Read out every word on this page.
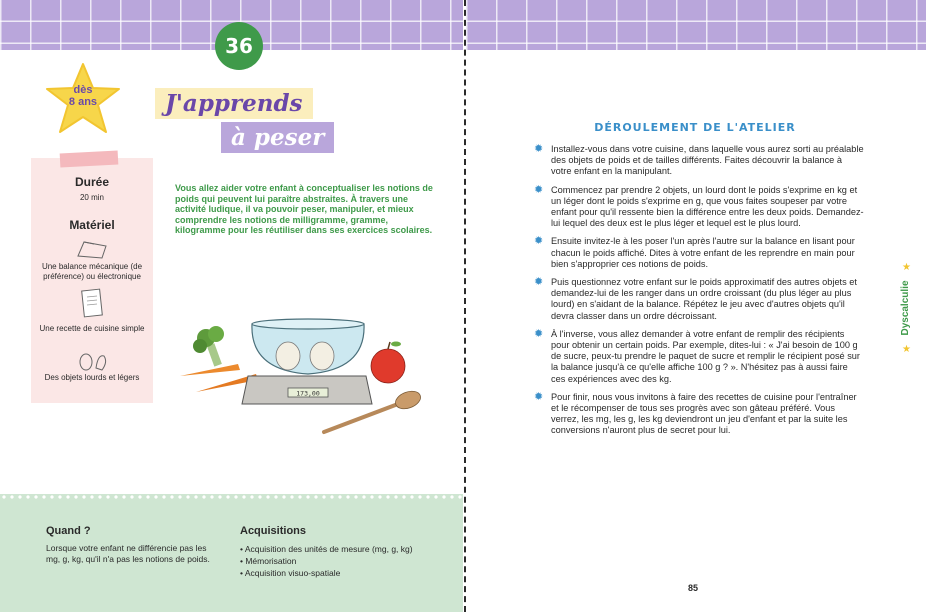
36
dès
8 ans	J'apprends
à peser
Durée
20 min
Matériel
Une balance mécanique (de préférence) ou électronique
Une recette de cuisine simple
Des objets lourds et légers
Vous allez aider votre enfant à conceptualiser les notions de poids qui peuvent lui paraître abstraites. À travers une activité ludique, il va pouvoir peser, manipuler, et mieux comprendre les notions de milligramme, gramme, kilogramme pour les réutiliser dans ses exercices scolaires.
173,00
Quand ?
Lorsque votre enfant ne différencie pas les mg, g, kg, qu'il n'a pas les notions de poids.
Acquisitions
• Acquisition des unités de mesure (mg, g, kg)
• Mémorisation
• Acquisition visuo-spatiale
DÉROULEMENT DE L'ATELIER
✹ Installez-vous dans votre cuisine, dans laquelle vous aurez sorti au préalable des objets de poids et de tailles différents. Faites découvrir la balance à votre enfant en la manipulant.
✹ Commencez par prendre 2 objets, un lourd dont le poids s'exprime en kg et un léger dont le poids s'exprime en g, que vous faites soupeser par votre enfant pour qu'il ressente bien la différence entre les deux poids. Demandez-lui lequel des deux est le plus léger et lequel est le plus lourd.
✹ Ensuite invitez-le à les poser l'un après l'autre sur la balance en lisant pour chacun le poids affiché. Dites à votre enfant de les reprendre en main pour bien s'approprier ces notions de poids.
✹ Puis questionnez votre enfant sur le poids approximatif des autres objets et demandez-lui de les ranger dans un ordre croissant (du plus léger au plus lourd) en s'aidant de la balance. Répétez le jeu avec d'autres objets qu'il devra classer dans un ordre décroissant.
✹ À l'inverse, vous allez demander à votre enfant de remplir des récipients pour obtenir un certain poids. Par exemple, dites-lui : « J'ai besoin de 100 g de sucre, peux-tu prendre le paquet de sucre et remplir le récipient posé sur la balance jusqu'à ce qu'elle affiche 100 g ? ». N'hésitez pas à aussi faire ces expériences avec des kg.
✹ Pour finir, nous vous invitons à faire des recettes de cuisine pour l'entraîner et le récompenser de tous ses progrès avec son gâteau préféré. Vous verrez, les mg, les g, les kg deviendront un jeu d'enfant et par la suite les conversions n'auront plus de secret pour lui.
★
Dyscalculie
★
85
